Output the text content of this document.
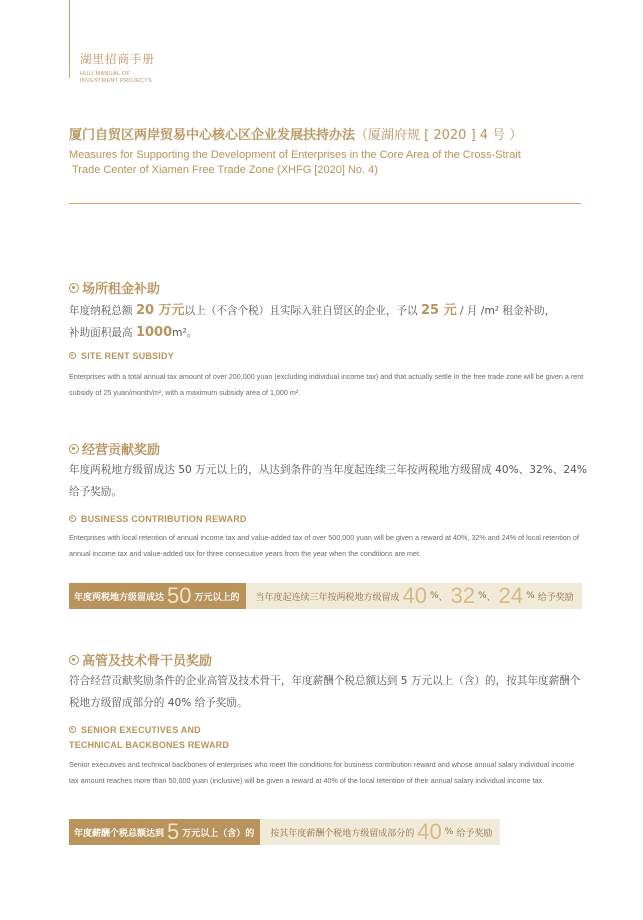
湖里招商手册
HULI MANUAL OF
INVESTMENT PROJECTS
厦门自贸区两岸贸易中心核心区企业发展扶持办法（厦湖府规 [ 2020 ] 4 号 ）
Measures for Supporting the Development of Enterprises in the Core Area of the Cross-Strait
Trade Center of Xiamen Free Trade Zone (XHFG [2020] No. 4)
场所租金补助
年度纳税总额 20 万元以上（不含个税）且实际入驻自贸区的企业，予以 25 元 / 月 /m² 租金补助，
补助面积最高 1000m²。
SITE RENT SUBSIDY
Enterprises with a total annual tax amount of over 200,000 yuan (excluding individual income tax) and that actually settle in the free trade zone will be given a rent subsidy of 25 yuan/month/m², with a maximum subsidy area of 1,000 m².
经营贡献奖励
年度两税地方级留成达 50 万元以上的，从达到条件的当年度起连续三年按两税地方级留成 40%、32%、24% 给予奖励。
BUSINESS CONTRIBUTION REWARD
Enterprises with local retention of annual income tax and value-added tax of over 500,000 yuan will be given a reward at 40%, 32% and 24% of local retention of annual income tax and value-added tax for three consecutive years from the year when the conditions are met.
年度两税地方级留成达 50 万元以上的 当年度起连续三年按两税地方级留成 40 % 、 32 % 、 24 % 给予奖励
高管及技术骨干员奖励
符合经营贡献奖励条件的企业高管及技术骨干，年度薪酬个税总额达到 5 万元以上（含）的，按其年度薪酬个税地方级留成部分的 40% 给予奖励。
SENIOR EXECUTIVES AND
TECHNICAL BACKBONES REWARD
Senior executives and technical backbones of enterprises who meet the conditions for business contribution reward and whose annual salary individual income tax amount reaches more than 50,000 yuan (inclusive) will be given a reward at 40% of the local retention of their annual salary individual income tax.
年度薪酬个税总额达到 5 万元以上（含）的 按其年度薪酬个税地方级留成部分的 40 % 给予奖励
